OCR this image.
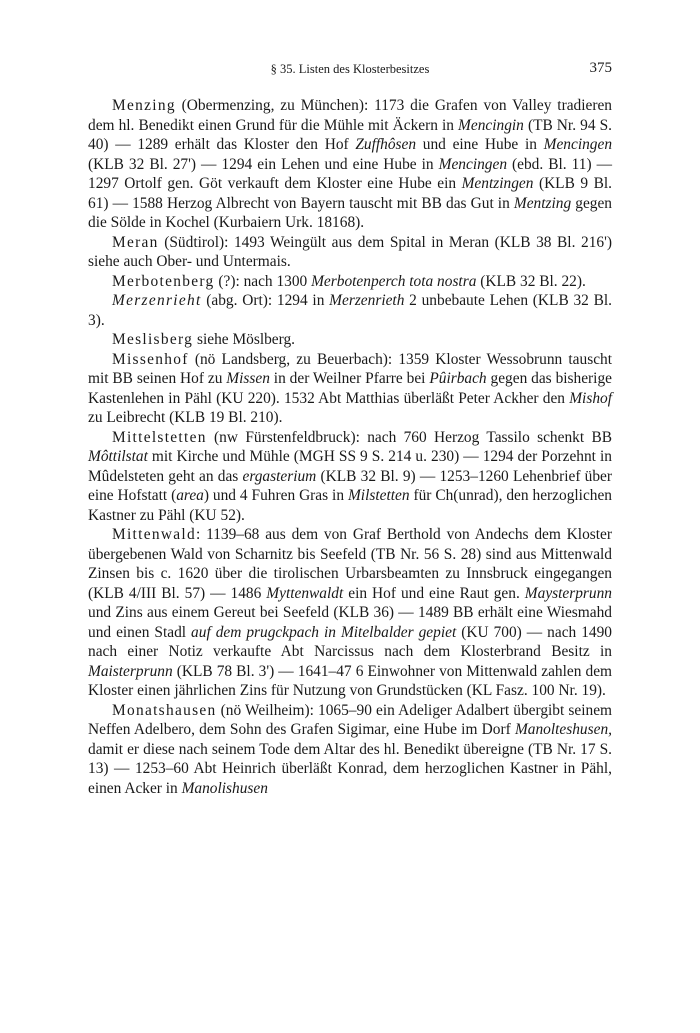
§ 35. Listen des Klosterbesitzes	375

Menzing (Obermenzing, zu München): 1173 die Grafen von Valley tradieren dem hl. Benedikt einen Grund für die Mühle mit Äckern in Mencingin (TB Nr. 94 S. 40) — 1289 erhält das Kloster den Hof Zuffhôsen und eine Hube in Mencingen (KLB 32 Bl. 27') — 1294 ein Lehen und eine Hube in Mencingen (ebd. Bl. 11) — 1297 Ortolf gen. Göt verkauft dem Kloster eine Hube ein Mentzingen (KLB 9 Bl. 61) — 1588 Herzog Albrecht von Bayern tauscht mit BB das Gut in Mentzing gegen die Sölde in Kochel (Kurbaiern Urk. 18168).

Meran (Südtirol): 1493 Weingült aus dem Spital in Meran (KLB 38 Bl. 216') siehe auch Ober- und Untermais.

Merbotenberg (?): nach 1300 Merbotenperch tota nostra (KLB 32 Bl. 22).

Merzenrieht (abg. Ort): 1294 in Merzenrieth 2 unbebaute Lehen (KLB 32 Bl. 3).

Meslisberg siehe Möslberg.

Missenhof (nö Landsberg, zu Beuerbach): 1359 Kloster Wessobrunn tauscht mit BB seinen Hof zu Missen in der Weilner Pfarre bei Pûirbach gegen das bisherige Kastenlehen in Pähl (KU 220). 1532 Abt Matthias überläßt Peter Ackher den Mishof zu Leibrecht (KLB 19 Bl. 210).

Mittelstetten (nw Fürstenfeldbruck): nach 760 Herzog Tassilo schenkt BB Môttilstat mit Kirche und Mühle (MGH SS 9 S. 214 u. 230) — 1294 der Porzehnt in Mûdelsteten geht an das ergasterium (KLB 32 Bl. 9) — 1253–1260 Lehenbrief über eine Hofstatt (area) und 4 Fuhren Gras in Milstetten für Ch(unrad), den herzoglichen Kastner zu Pähl (KU 52).

Mittenwald: 1139–68 aus dem von Graf Berthold von Andechs dem Kloster übergebenen Wald von Scharnitz bis Seefeld (TB Nr. 56 S. 28) sind aus Mittenwald Zinsen bis c. 1620 über die tirolischen Urbarsbeamten zu Innsbruck eingegangen (KLB 4/III Bl. 57) — 1486 Myttenwaldt ein Hof und eine Raut gen. Maysterprunn und Zins aus einem Gereut bei Seefeld (KLB 36) — 1489 BB erhält eine Wiesmahd und einen Stadl auf dem prugckpach in Mitelbalder gepiet (KU 700) — nach 1490 nach einer Notiz verkaufte Abt Narcissus nach dem Klosterbrand Besitz in Maisterprunn (KLB 78 Bl. 3') — 1641–47 6 Einwohner von Mittenwald zahlen dem Kloster einen jährlichen Zins für Nutzung von Grundstücken (KL Fasz. 100 Nr. 19).

Monatshausen (nö Weilheim): 1065–90 ein Adeliger Adalbert übergibt seinem Neffen Adelbero, dem Sohn des Grafen Sigimar, eine Hube im Dorf Manolteshusen, damit er diese nach seinem Tode dem Altar des hl. Benedikt übereigne (TB Nr. 17 S. 13) — 1253–60 Abt Heinrich überläßt Konrad, dem herzoglichen Kastner in Pähl, einen Acker in Manolishusen
